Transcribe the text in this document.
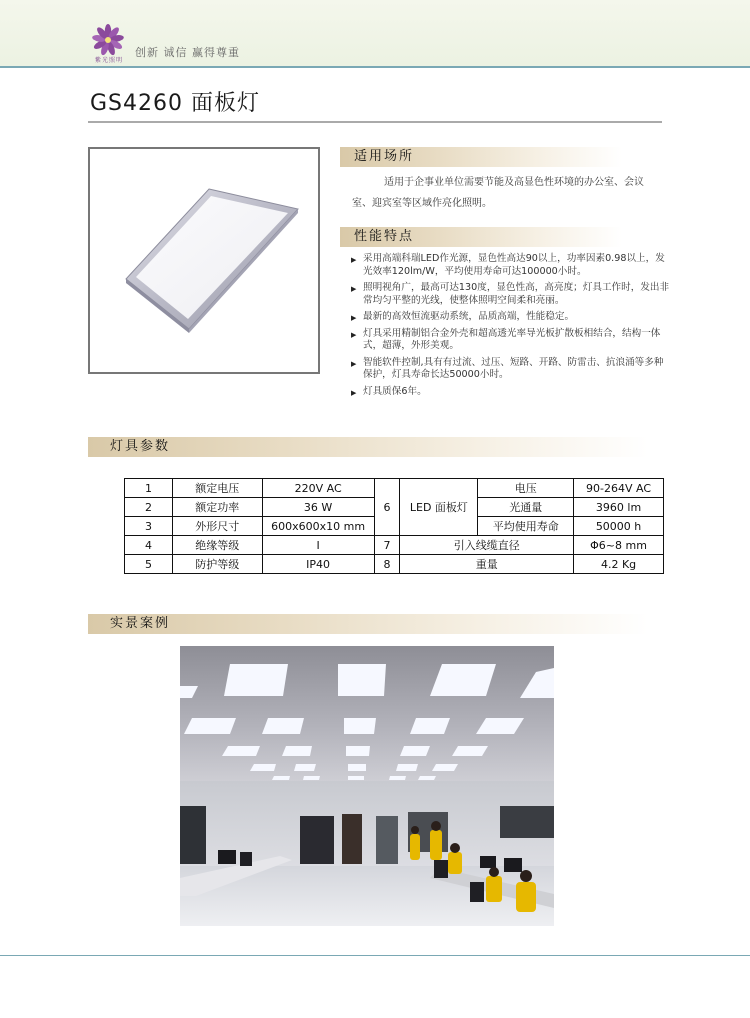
紫光照明
创新 诚信 赢得尊重
GS4260 面板灯
适用场所
适用于企事业单位需要节能及高显色性环境的办公室、会议室、迎宾室等区域作亮化照明。
性能特点
▶ 采用高端科瑞LED作光源，显色性高达90以上，功率因素0.98以上，发光效率120lm/W，平均使用寿命可达100000小时。
▶ 照明视角广，最高可达130度，显色性高，高亮度；灯具工作时，发出非常均匀平整的光线，使整体照明空间柔和亮丽。
▶ 最新的高效恒流驱动系统，品质高端，性能稳定。
▶ 灯具采用精制铝合金外壳和超高透光率导光板扩散板相结合，结构一体式，超薄，外形美观。
▶ 智能软件控制,具有有过流、过压、短路、开路、防雷击、抗浪涌等多种保护，灯具寿命长达50000小时。
▶ 灯具质保6年。
灯具参数
1	额定电压	220V AC	6	LED 面板灯	电压	90-264V AC
2	额定功率	36 W			光通量	3960 lm
3	外形尺寸	600x600x10 mm			平均使用寿命	50000 h
4	绝缘等级	I	7	引入线缆直径		Φ6~8 mm
5	防护等级	IP40	8	重量		4.2 Kg
实景案例
